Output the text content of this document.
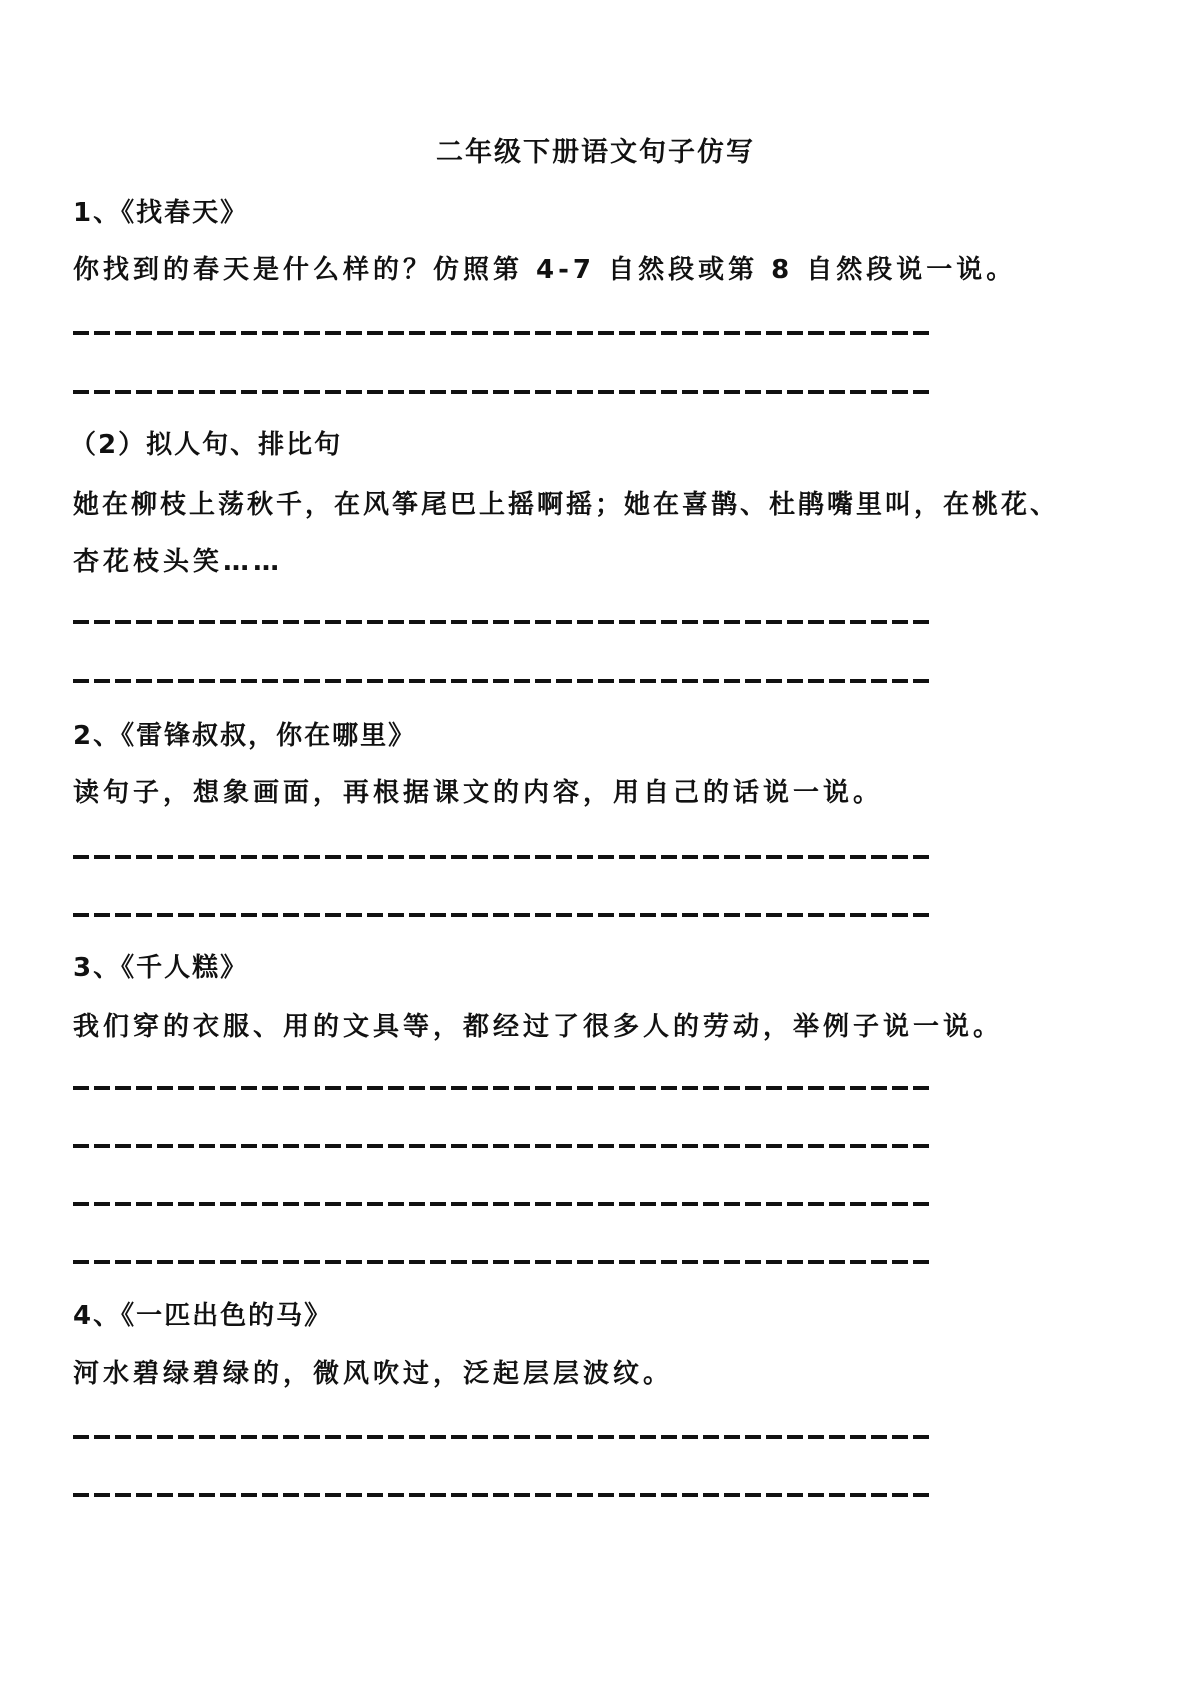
二年级下册语文句子仿写
1、《找春天》
你找到的春天是什么样的？仿照第 4-7 自然段或第 8 自然段说一说。
（2）拟人句、排比句
她在柳枝上荡秋千，在风筝尾巴上摇啊摇；她在喜鹊、杜鹃嘴里叫，在桃花、
杏花枝头笑……
2、《雷锋叔叔，你在哪里》
读句子，想象画面，再根据课文的内容，用自己的话说一说。
3、《千人糕》
我们穿的衣服、用的文具等，都经过了很多人的劳动，举例子说一说。
4、《一匹出色的马》
河水碧绿碧绿的，微风吹过，泛起层层波纹。
